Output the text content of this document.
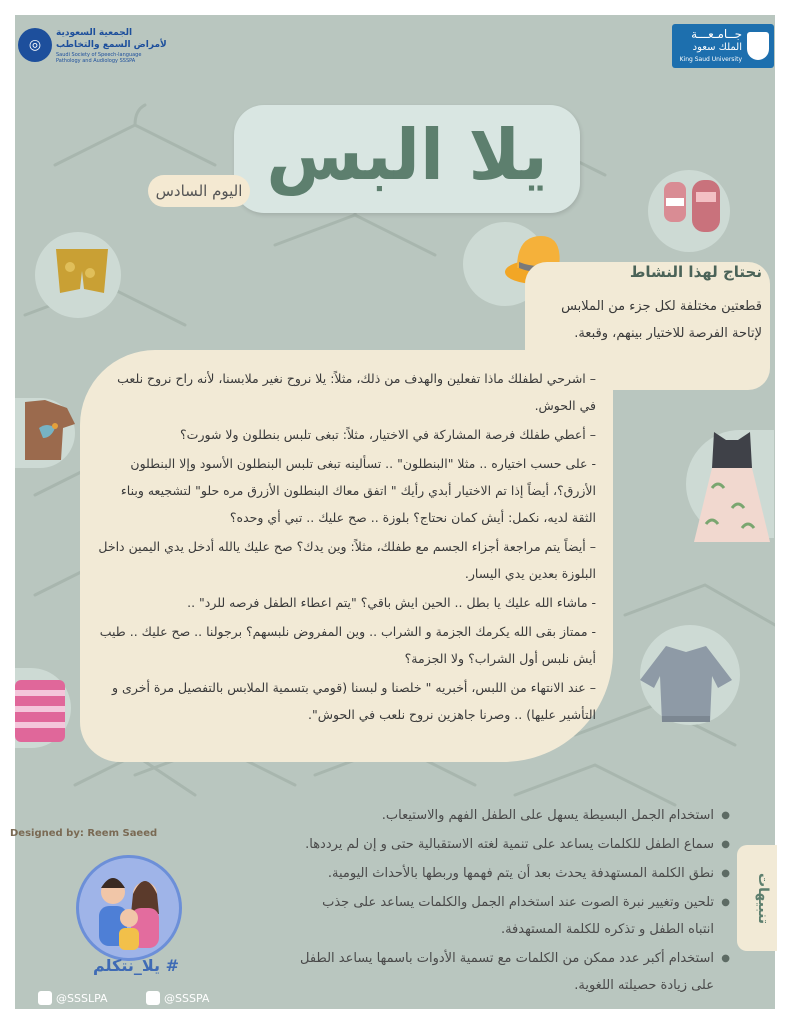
◎
الجمعية السعودية
لأمراض السمع والتخاطب
Saudi Society of Speech-language
Pathology and Audiology SSSPA
جــامـعـــة
الملك سعود
King Saud University
يلا البس
اليوم السادس
نحتاج لهذا النشاط
قطعتين مختلفة لكل جزء من الملابس لإتاحة الفرصة للاختيار بينهم، وقبعة.
– اشرحي لطفلك ماذا تفعلين والهدف من ذلك، مثلاً: يلا نروح نغير ملابسنا، لأنه راح نروح نلعب في الحوش.
– أعطي طفلك فرصة المشاركة في الاختيار، مثلاً: تبغى تلبس بنطلون ولا شورت؟
- على حسب اختياره .. مثلا "البنطلون" .. تسألينه تبغى تلبس البنطلون الأسود وإلا البنطلون الأزرق؟، أيضاً إذا تم الاختيار أبدي رأيك " اتفق معاك البنطلون الأزرق مره حلو" لتشجيعه وبناء الثقة لديه، نكمل: أيش كمان نحتاج؟ بلوزة .. صح عليك .. تبي أي وحده؟
– أيضاً يتم مراجعة أجزاء الجسم مع طفلك، مثلاً: وين يدك؟ صح عليك يالله أدخل يدي اليمين داخل البلوزة بعدين يدي اليسار.
- ماشاء الله عليك يا بطل .. الحين ايش باقي؟ "يتم اعطاء الطفل فرصه للرد" ..
- ممتاز بقى الله يكرمك الجزمة و الشراب .. وين المفروض نلبسهم؟ برجولنا .. صح عليك .. طيب أيش نلبس أول الشراب؟ ولا الجزمة؟
– عند الانتهاء من اللبس، أخبريه " خلصنا و لبسنا (قومي بتسمية الملابس بالتفصيل مرة أخرى و التأشير عليها) .. وصرنا جاهزين نروح نلعب في الحوش".
Designed by: Reem Saeed
● استخدام الجمل البسيطة يسهل على الطفل الفهم والاستيعاب.
● سماع الطفل للكلمات يساعد على تنمية لغته الاستقبالية حتى و إن لم يرددها.
● نطق الكلمة المستهدفة يحدث بعد أن يتم فهمها وربطها بالأحداث اليومية.
● تلحين وتغيير نبرة الصوت عند استخدام الجمل والكلمات يساعد على جذب انتباه الطفل و تذكره للكلمة المستهدفة.
● استخدام أكبر عدد ممكن من الكلمات مع تسمية الأدوات باسمها يساعد الطفل على زيادة حصيلته اللغوية.
تنبيهات
# يلا_نتكلم
@SSSLPA	@SSSPA
